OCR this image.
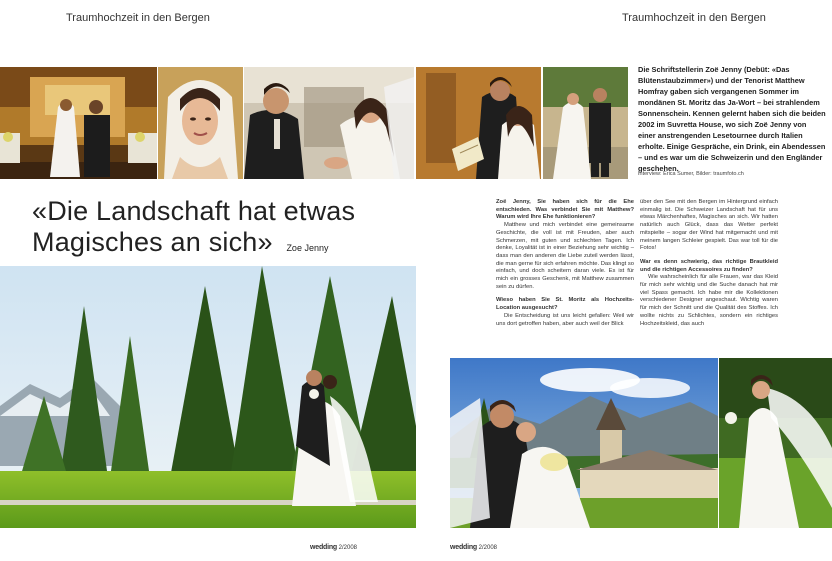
Traumhochzeit in den Bergen	Traumhochzeit in den Bergen
Die Schriftstellerin Zoë Jenny (Debüt: «Das Blütenstaubzimmer») und der Tenorist Matthew Homfray gaben sich vergangenen Sommer im mondänen St. Moritz das Ja-Wort – bei strahlendem Sonnenschein. Kennen gelernt haben sich die beiden 2002 im Suvretta House, wo sich Zoë Jenny von einer anstrengenden Lesetournee durch Italien erholte. Einige Gespräche, ein Drink, ein Abendessen – und es war um die Schweizerin und den Engländer geschehen.
Interview: Erica Sumer, Bilder: traumfoto.ch
«Die Landschaft hat etwas Magisches an sich» Zoe Jenny

Zoë Jenny, Sie haben sich für die Ehe entschieden. Was verbindet Sie mit Matthew? Warum wird Ihre Ehe funktionieren?

Matthew und mich verbindet eine gemeinsame Geschichte, die voll ist mit Freuden, aber auch Schmerzen, mit guten und schlechten Tagen. Ich denke, Loyalität ist in einer Beziehung sehr wichtig – dass man den anderen die Liebe zuteil werden lässt, die man gerne für sich erfahren möchte. Das klingt so einfach, und doch scheitern daran viele. Es ist für mich ein grosses Geschenk, mit Matthew zusammen sein zu dürfen.

Wieso haben Sie St. Moritz als Hochzeits-Location ausgesucht?

Die Entscheidung ist uns leicht gefallen: Weil wir uns dort getroffen haben, aber auch weil der Blick

über den See mit den Bergen im Hintergrund einfach einmalig ist. Die Schweizer Landschaft hat für uns etwas Märchenhaftes, Magisches an sich. Wir hatten natürlich auch Glück, dass das Wetter perfekt mitspielte – sogar der Wind hat mitgemacht und mit meinem langen Schleier gespielt. Das war toll für die Fotos!

War es denn schwierig, das richtige Brautkleid und die richtigen Accessoires zu finden?

Wie wahrscheinlich für alle Frauen, war das Kleid für mich sehr wichtig und die Suche danach hat mir viel Spass gemacht. Ich habe mir die Kollektionen verschiedener Designer angeschaut. Wichtig waren für mich der Schnitt und die Qualität des Stoffes. Ich wollte nichts zu Schlichtes, sondern ein richtiges Hochzeitskleid, das auch

wedding 2/2008	wedding 2/2008
